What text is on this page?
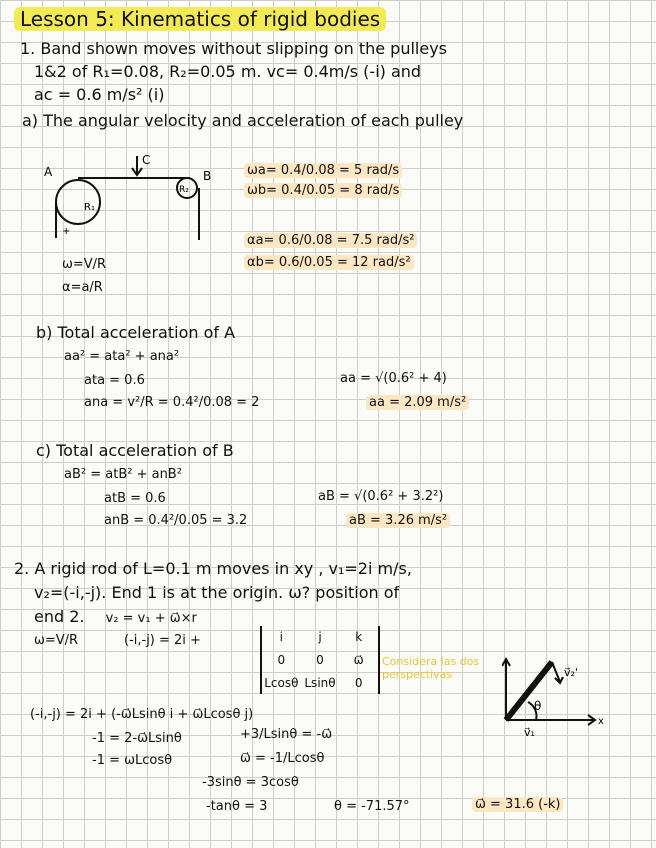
Lesson 5: Kinematics of rigid bodies
1. Band shown moves without slipping on the pulleys
1&2 of R₁=0.08, R₂=0.05 m. vc= 0.4m/s (-i) and
ac = 0.6 m/s² (i)
a) The angular velocity and acceleration of each pulley
A	B
C
R₁
R₂
+
ωa= 0.4/0.08 = 5 rad/s
ωb= 0.4/0.05 = 8 rad/s
αa= 0.6/0.08 = 7.5 rad/s²
αb= 0.6/0.05 = 12 rad/s²
ω=V/R
α=a/R
b) Total acceleration of A
aa² = ata² + ana²
ata = 0.6
ana = v²/R = 0.4²/0.08 = 2
aa = √(0.6² + 4)
aa = 2.09 m/s²
c) Total acceleration of B
aB² = atB² + anB²
atB = 0.6
anB = 0.4²/0.05 = 3.2
aB = √(0.6² + 3.2²)
aB = 3.26 m/s²
2. A rigid rod of L=0.1 m moves in xy , v₁=2i m/s,
v₂=(-i,-j). End 1 is at the origin. ω? position of
end 2. v₂ = v₁ + ω⃗×r
ω=V/R	(-i,-j) = 2i +	i	j	k
0	0 ω⃗
Lcosθ Lsinθ 0
Considera las dos perspectivas
v⃗₁
v⃗₂'
θ
x
(-i,-j) = 2i + (-ω⃗Lsinθ i + ω⃗Lcosθ j)
-1 = 2-ω⃗Lsinθ
-1 = ωLcosθ
+3/Lsinθ = -ω⃗
ω⃗ = -1/Lcosθ
-3sinθ = 3cosθ
-tanθ = 3	θ = -71.57°	ω⃗ = 31.6 (-k)
